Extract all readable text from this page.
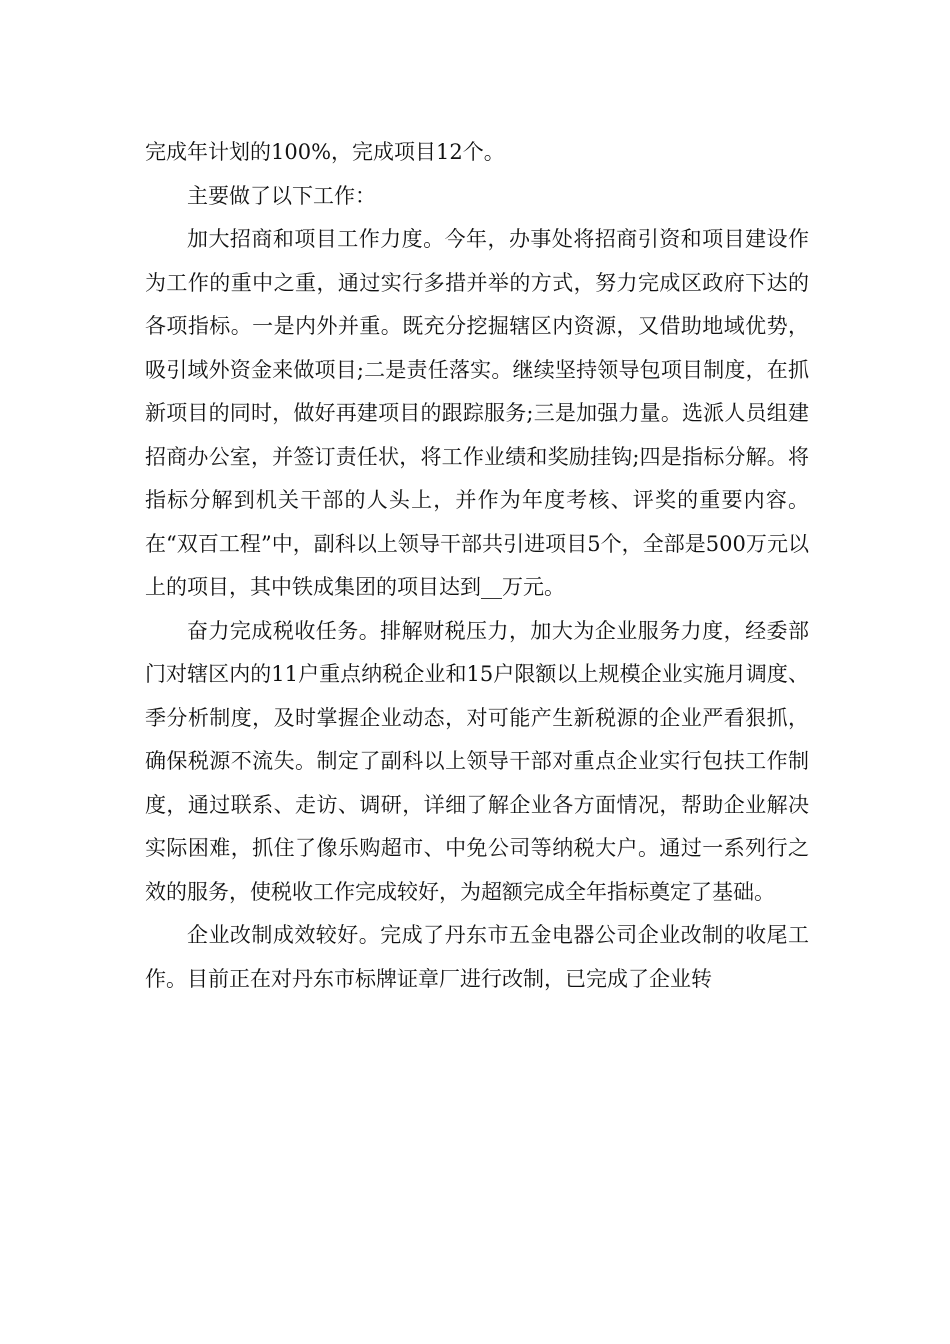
完成年计划的100%，完成项目12个。

主要做了以下工作：

加大招商和项目工作力度。今年，办事处将招商引资和项目建设作为工作的重中之重，通过实行多措并举的方式，努力完成区政府下达的各项指标。一是内外并重。既充分挖掘辖区内资源，又借助地域优势，吸引域外资金来做项目;二是责任落实。继续坚持领导包项目制度，在抓新项目的同时，做好再建项目的跟踪服务;三是加强力量。选派人员组建招商办公室，并签订责任状，将工作业绩和奖励挂钩;四是指标分解。将指标分解到机关干部的人头上，并作为年度考核、评奖的重要内容。在“双百工程”中，副科以上领导干部共引进项目5个，全部是500万元以上的项目，其中铁成集团的项目达到__万元。

奋力完成税收任务。排解财税压力，加大为企业服务力度，经委部门对辖区内的11户重点纳税企业和15户限额以上规模企业实施月调度、季分析制度，及时掌握企业动态，对可能产生新税源的企业严看狠抓，确保税源不流失。制定了副科以上领导干部对重点企业实行包扶工作制度，通过联系、走访、调研，详细了解企业各方面情况，帮助企业解决实际困难，抓住了像乐购超市、中免公司等纳税大户。通过一系列行之效的服务，使税收工作完成较好，为超额完成全年指标奠定了基础。

企业改制成效较好。完成了丹东市五金电器公司企业改制的收尾工作。目前正在对丹东市标牌证章厂进行改制，已完成了企业转
